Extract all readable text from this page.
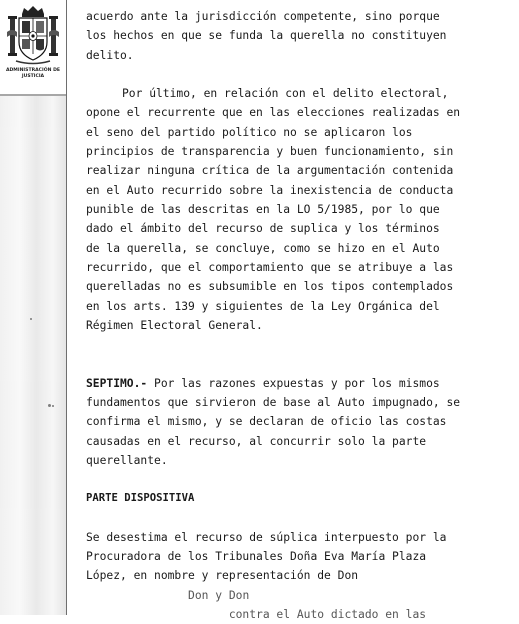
ADMINISTRACIÓN DE JUSTICIA

acuerdo ante la jurisdicción competente, sino porque
los hechos en que se funda la querella no constituyen
delito.

Por último, en relación con el delito electoral,
opone el recurrente que en las elecciones realizadas en
el seno del partido político no se aplicaron los
principios de transparencia y buen funcionamiento, sin
realizar ninguna crítica de la argumentación contenida
en el Auto recurrido sobre la inexistencia de conducta
punible de las descritas en la LO 5/1985, por lo que
dado el ámbito del recurso de suplica y los términos
de la querella, se concluye, como se hizo en el Auto
recurrido, que el comportamiento que se atribuye a las
querelladas no es subsumible en los tipos contemplados
en los arts. 139 y siguientes de la Ley Orgánica del
Régimen Electoral General.

SEPTIMO.- Por las razones expuestas y por los mismos
fundamentos que sirvieron de base al Auto impugnado, se
confirma el mismo, y se declaran de oficio las costas
causadas en el recurso, al concurrir solo la parte
querellante.

PARTE DISPOSITIVA

Se desestima el recurso de súplica interpuesto por la
Procuradora de los Tribunales Doña Eva María Plaza
López, en nombre y representación de Don
Don y Don
contra el Auto dictado en las
